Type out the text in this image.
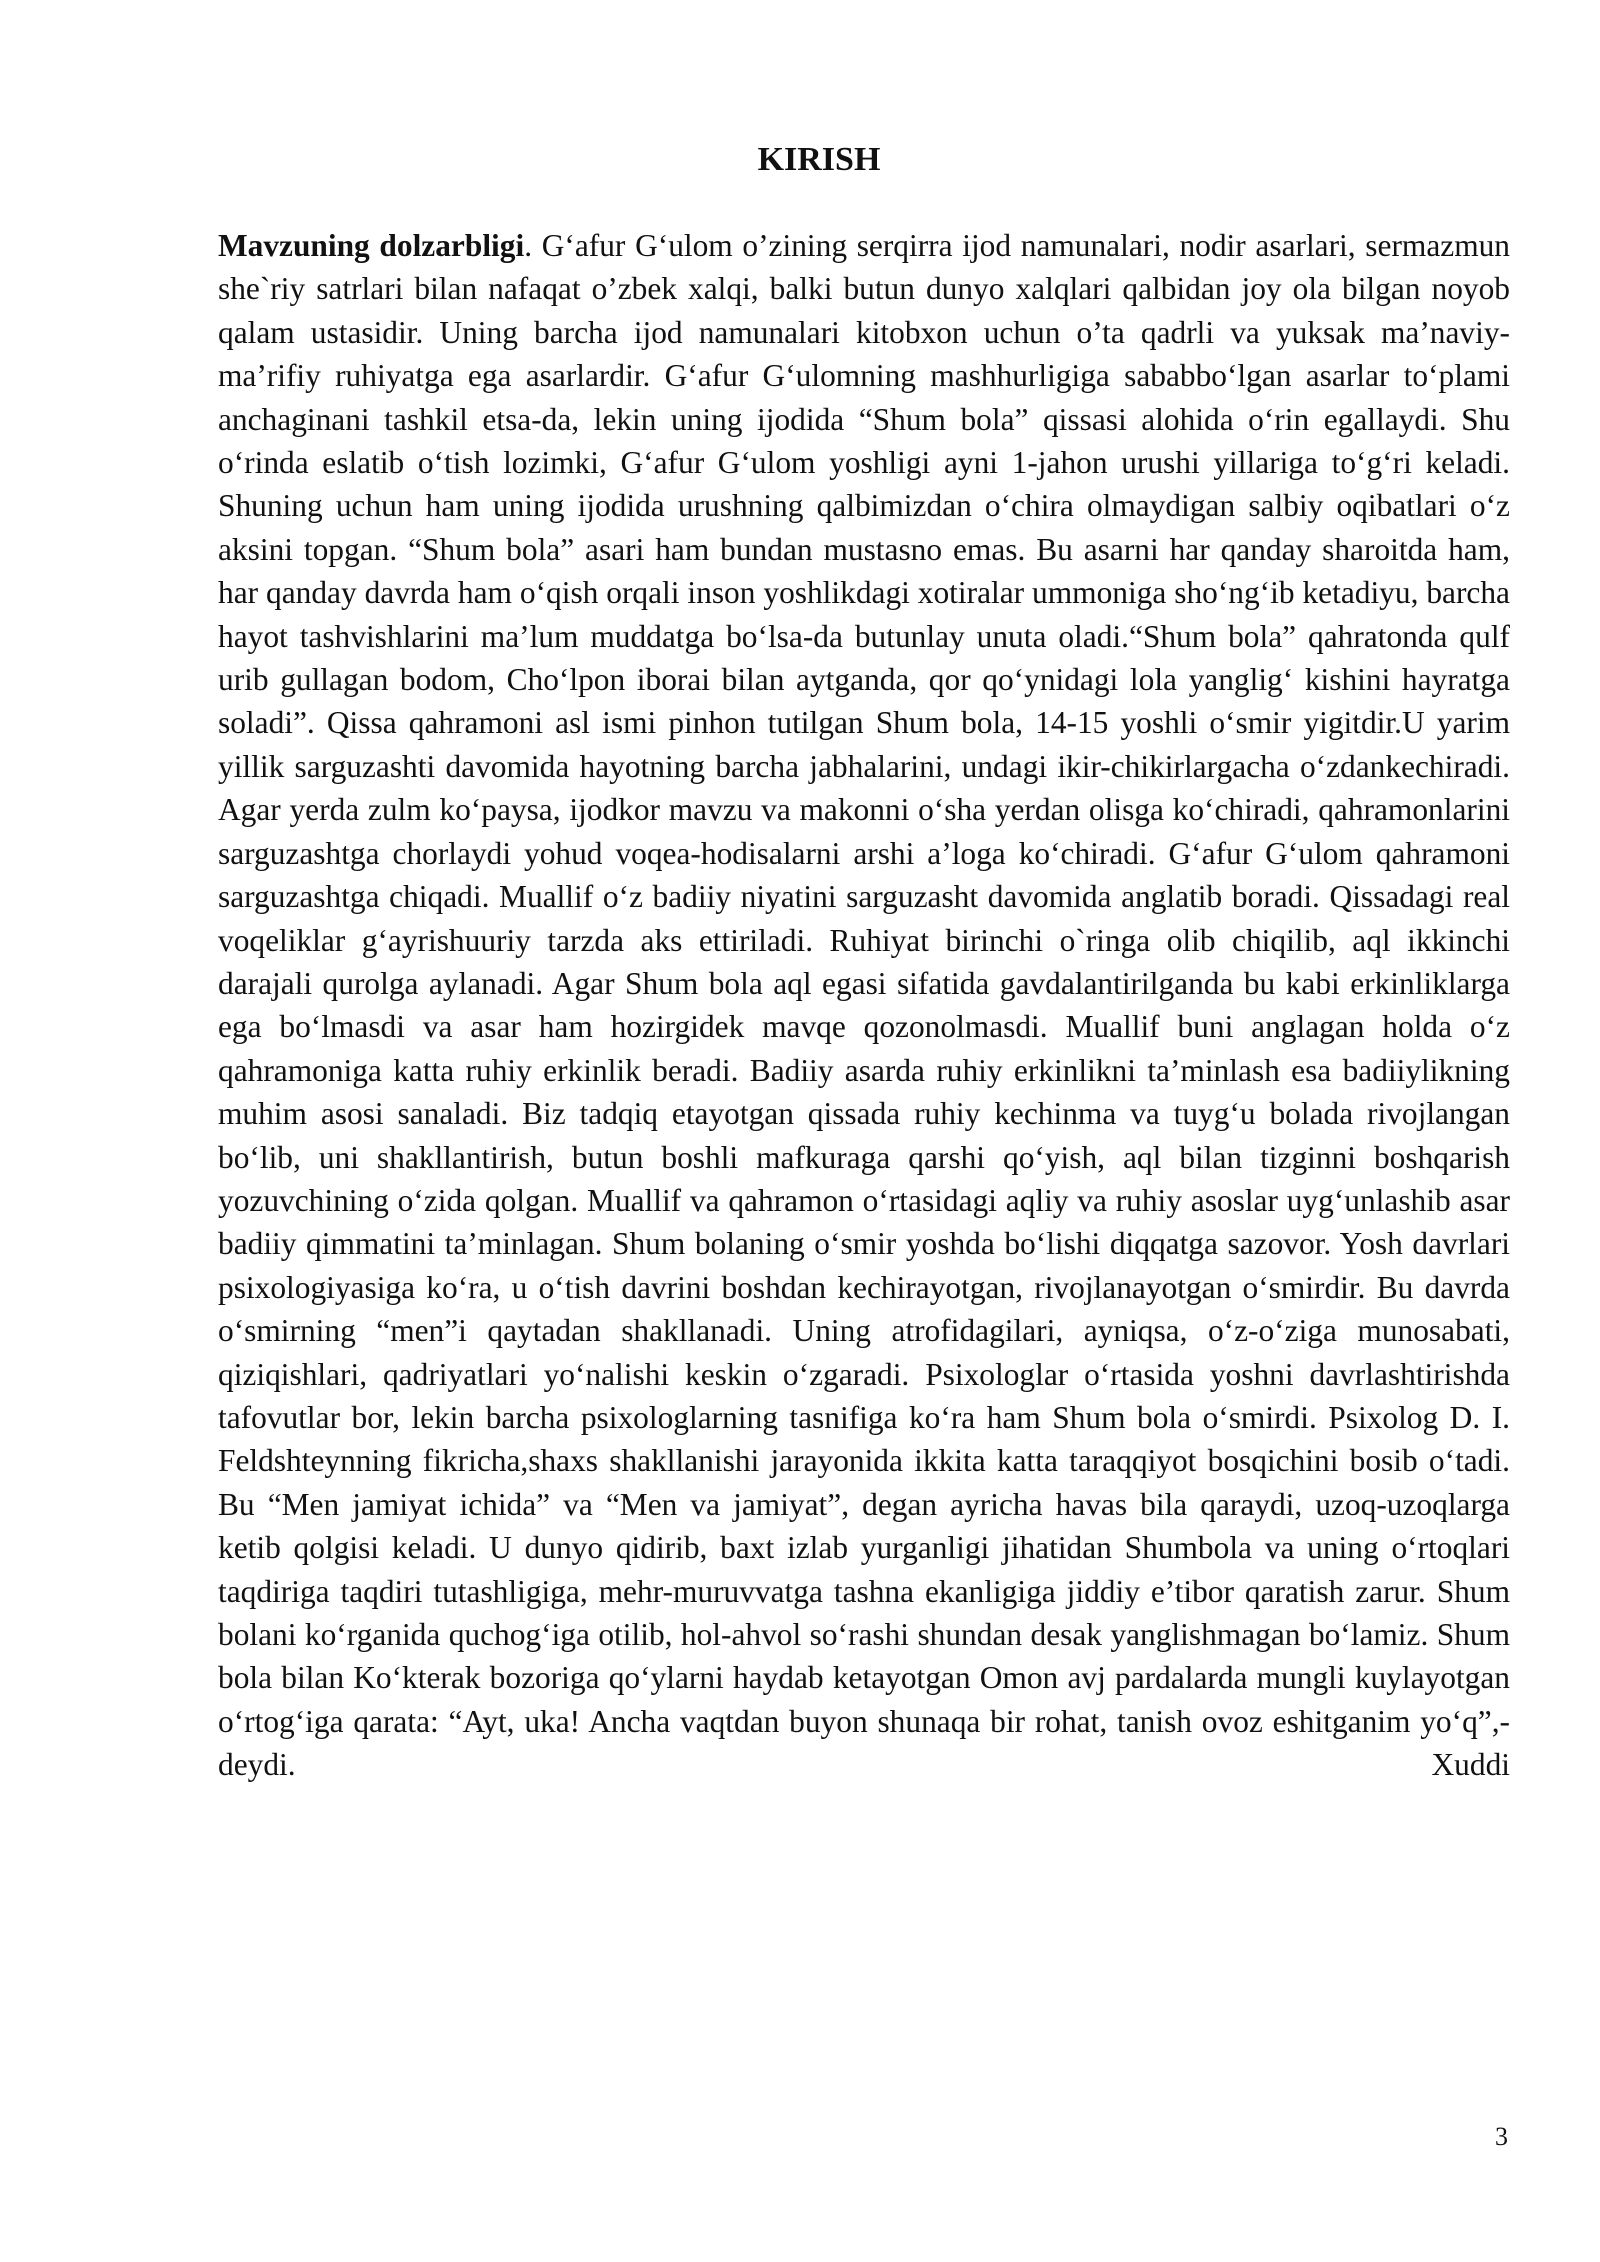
KIRISH

Mavzuning dolzarbligi. G‘afur G‘ulom o’zining serqirra ijod namunalari, nodir asarlari, sermazmun she`riy satrlari bilan nafaqat o’zbek xalqi, balki butun dunyo xalqlari qalbidan joy ola bilgan noyob qalam ustasidir. Uning barcha ijod namunalari kitobxon uchun o’ta qadrli va yuksak ma’naviy- ma’rifiy ruhiyatga ega asarlardir. G‘afur G‘ulomning mashhurligiga sababbo‘lgan asarlar to‘plami anchaginani tashkil etsa-da, lekin uning ijodida “Shum bola” qissasi alohida o‘rin egallaydi. Shu o‘rinda eslatib o‘tish lozimki, G‘afur G‘ulom yoshligi ayni 1-jahon urushi yillariga to‘g‘ri keladi. Shuning uchun ham uning ijodida urushning qalbimizdan o‘chira olmaydigan salbiy oqibatlari o‘z aksini topgan. “Shum bola” asari ham bundan mustasno emas. Bu asarni har qanday sharoitda ham, har qanday davrda ham o‘qish orqali inson yoshlikdagi xotiralar ummoniga sho‘ng‘ib ketadiyu, barcha hayot tashvishlarini ma’lum muddatga bo‘lsa-da butunlay unuta oladi.“Shum bola” qahratonda qulf urib gullagan bodom, Cho‘lpon iborai bilan aytganda, qor qo‘ynidagi lola yanglig‘ kishini hayratga soladi”. Qissa qahramoni asl ismi pinhon tutilgan Shum bola, 14-15 yoshli o‘smir yigitdir.U yarim yillik sarguzashti davomida hayotning barcha jabhalarini, undagi ikir-chikirlargacha o‘zdankechiradi. Agar yerda zulm ko‘paysa, ijodkor mavzu va makonni o‘sha yerdan olisga ko‘chiradi, qahramonlarini sarguzashtga chorlaydi yohud voqea-hodisalarni arshi a’loga ko‘chiradi. G‘afur G‘ulom qahramoni sarguzashtga chiqadi. Muallif o‘z badiiy niyatini sarguzasht davomida anglatib boradi. Qissadagi real voqeliklar g‘ayrishuuriy tarzda aks ettiriladi. Ruhiyat birinchi o`ringa olib chiqilib, aql ikkinchi darajali qurolga aylanadi. Agar Shum bola aql egasi sifatida gavdalantirilganda bu kabi erkinliklarga ega bo‘lmasdi va asar ham hozirgidek mavqe qozonolmasdi. Muallif buni anglagan holda o‘z qahramoniga katta ruhiy erkinlik beradi. Badiiy asarda ruhiy erkinlikni ta’minlash esa badiiylikning muhim asosi sanaladi. Biz tadqiq etayotgan qissada ruhiy kechinma va tuyg‘u bolada rivojlangan bo‘lib, uni shakllantirish, butun boshli mafkuraga qarshi qo‘yish, aql bilan tizginni boshqarish yozuvchining o‘zida qolgan. Muallif va qahramon o‘rtasidagi aqliy va ruhiy asoslar uyg‘unlashib asar badiiy qimmatini ta’minlagan. Shum bolaning o‘smir yoshda bo‘lishi diqqatga sazovor. Yosh davrlari psixologiyasiga ko‘ra, u o‘tish davrini boshdan kechirayotgan, rivojlanayotgan o‘smirdir. Bu davrda o‘smirning “men”i qaytadan shakllanadi. Uning atrofidagilari, ayniqsa, o‘z-o‘ziga munosabati, qiziqishlari, qadriyatlari yo‘nalishi keskin o‘zgaradi. Psixologlar o‘rtasida yoshni davrlashtirishda tafovutlar bor, lekin barcha psixologlarning tasnifiga ko‘ra ham Shum bola o‘smirdi. Psixolog D. I. Feldshteynning fikricha,shaxs shakllanishi jarayonida ikkita katta taraqqiyot bosqichini bosib o‘tadi. Bu “Men jamiyat ichida” va “Men va jamiyat”, degan ayricha havas bila qaraydi, uzoq-uzoqlarga ketib qolgisi keladi. U dunyo qidirib, baxt izlab yurganligi jihatidan Shumbola va uning o‘rtoqlari taqdiriga taqdiri tutashligiga, mehr-muruvvatga tashna ekanligiga jiddiy e’tibor qaratish zarur. Shum bolani ko‘rganida quchog‘iga otilib, hol-ahvol so‘rashi shundan desak yanglishmagan bo‘lamiz. Shum bola bilan Ko‘kterak bozoriga qo‘ylarni haydab ketayotgan Omon avj pardalarda mungli kuylayotgan o‘rtog‘iga qarata: “Ayt, uka! Ancha vaqtdan buyon shunaqa bir rohat, tanish ovoz eshitganim yo‘q”,-deydi. Xuddi

3
